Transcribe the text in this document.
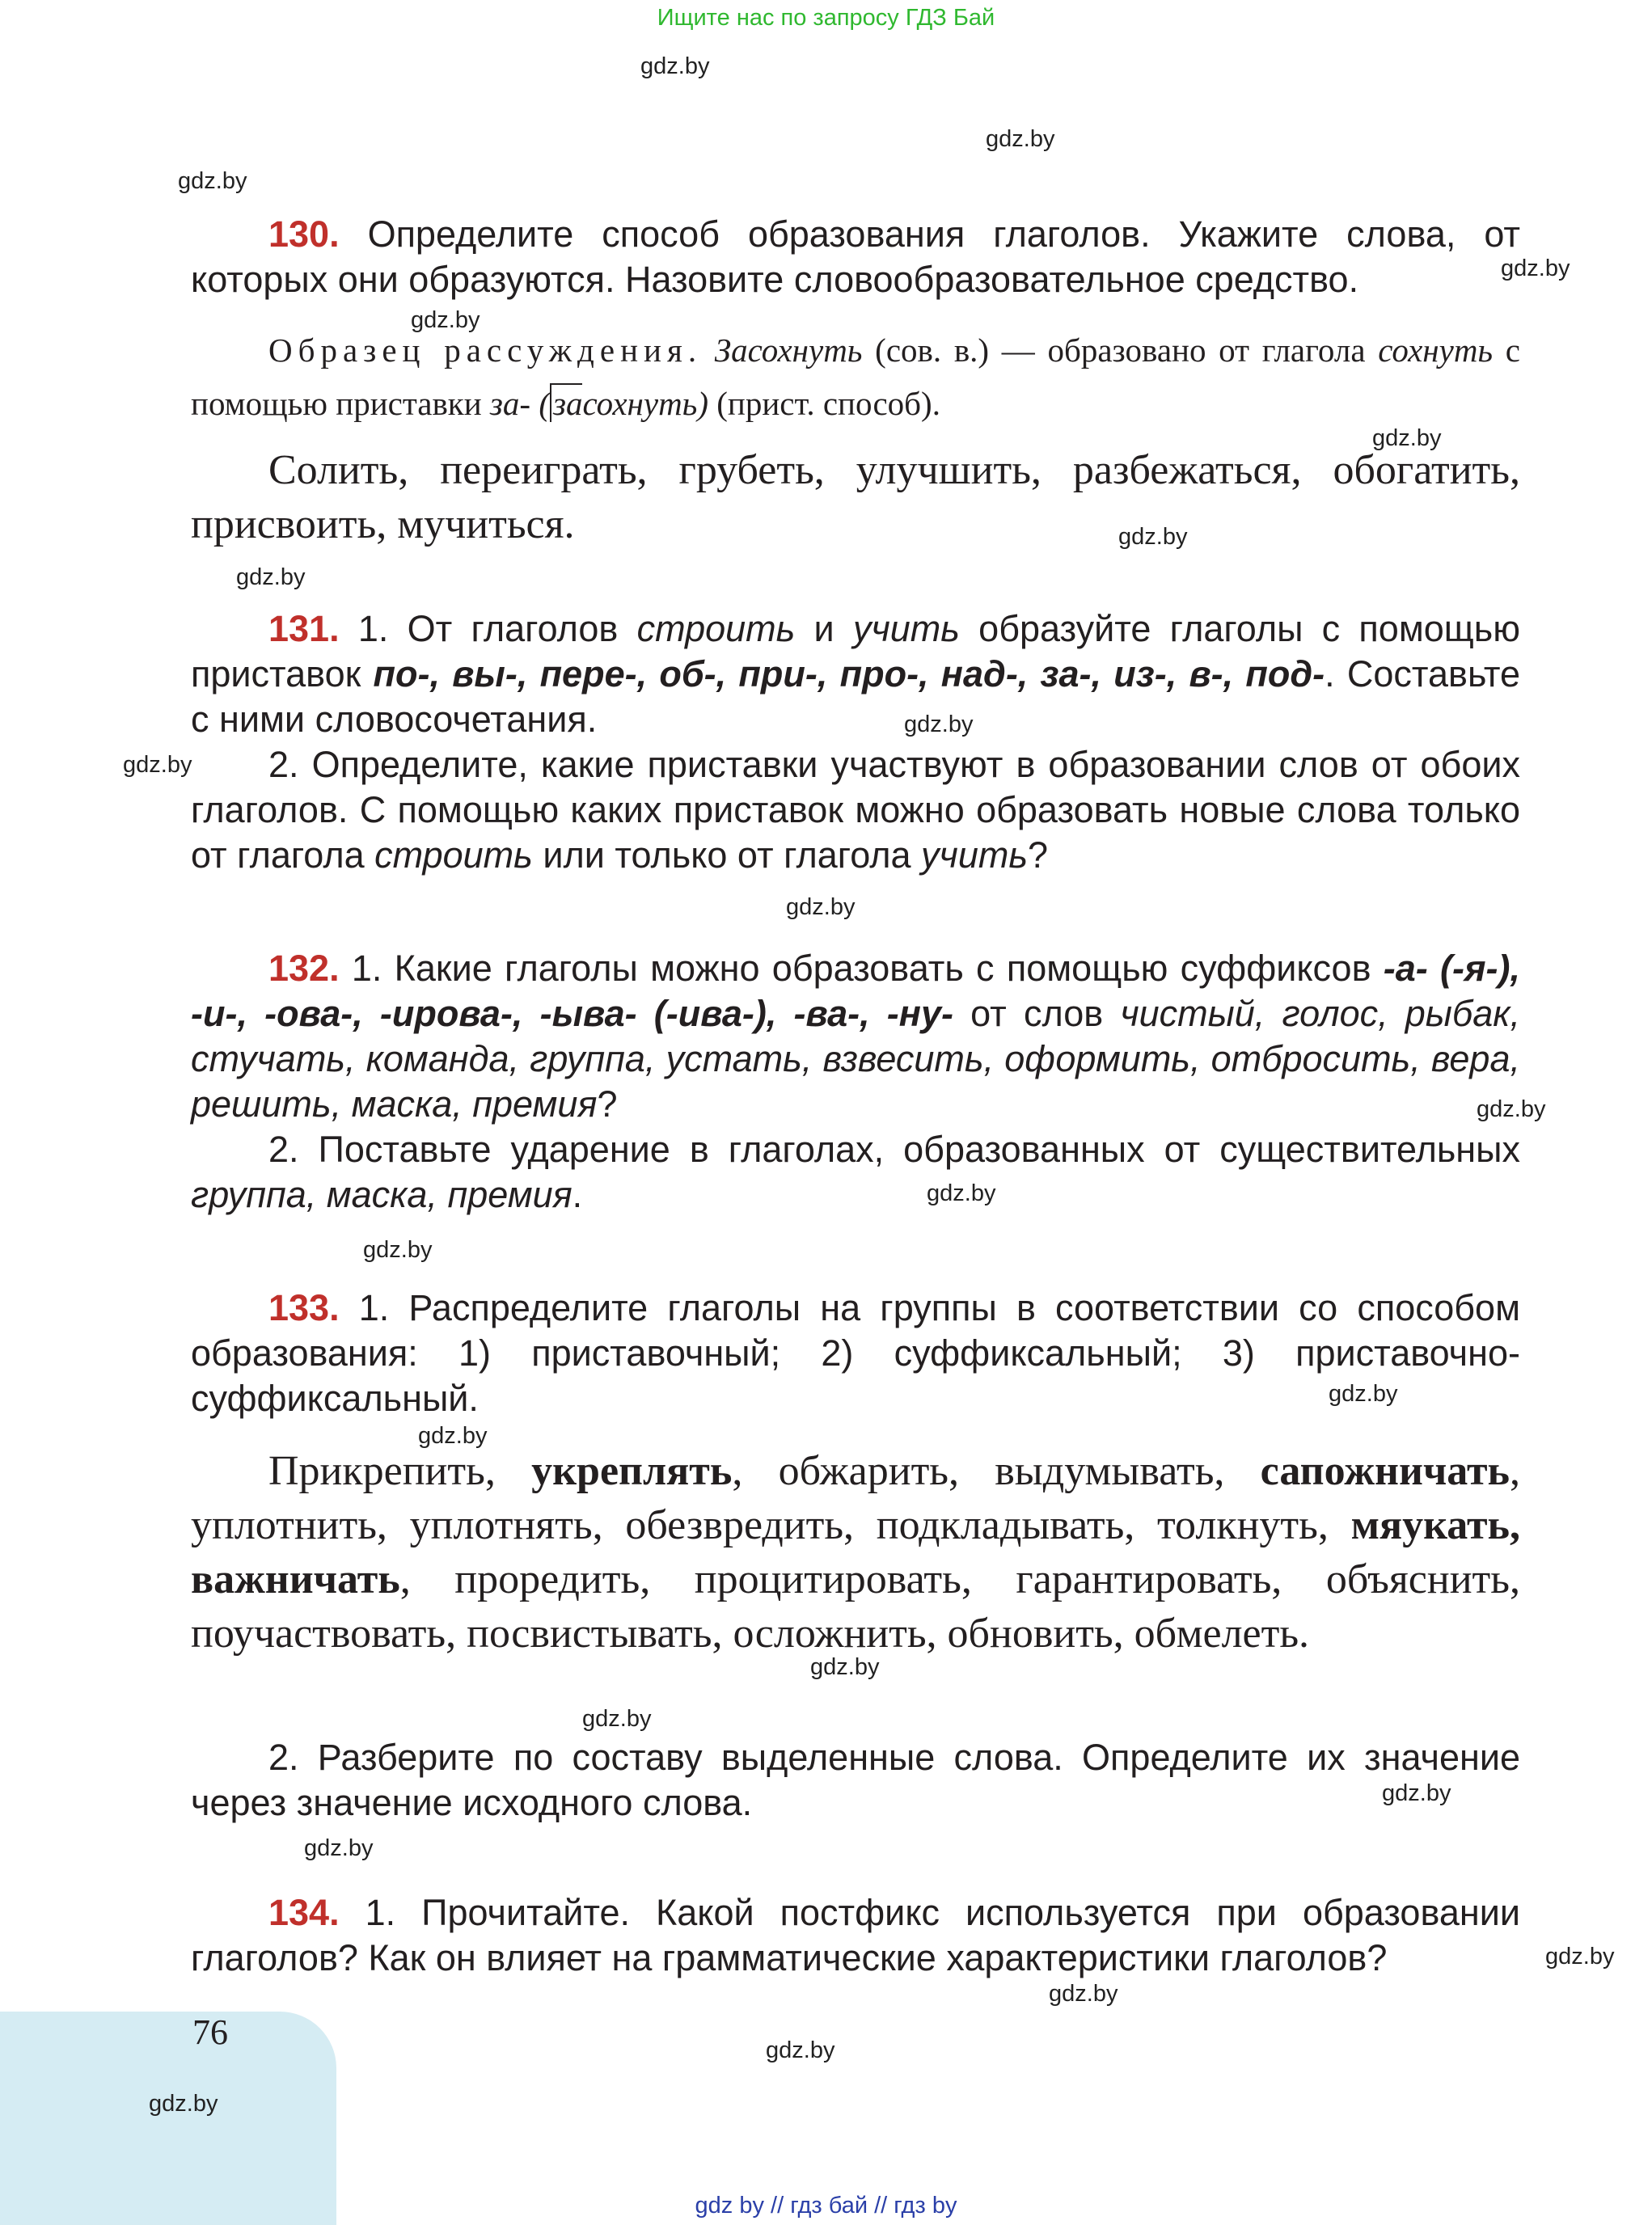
Ищите нас по запросу ГДЗ Бай
gdz.by
gdz.by
gdz.by
gdz.by
gdz.by
gdz.by
gdz.by
gdz.by
gdz.by
gdz.by
gdz.by
gdz.by
gdz.by
gdz.by
gdz.by
gdz.by
gdz.by
gdz.by
gdz.by
gdz.by
gdz.by
gdz.by
gdz.by

130. Определите способ образования глаголов. Укажите слова, от которых они образуются. Назовите словообразовательное средство.

Образец рассуждения. Засохнуть (сов. в.) — образовано от глагола сохнуть с помощью приставки за- (засохнуть) (прист. способ).
Солить, переиграть, грубеть, улучшить, разбежаться, обогатить, присвоить, мучиться.

131. 1. От глаголов строить и учить образуйте глаголы с помощью приставок по-, вы-, пере-, об-, при-, про-, над-, за-, из-, в-, под-. Составьте с ними словосочетания.

2. Определите, какие приставки участвуют в образовании слов от обоих глаголов. С помощью каких приставок можно образовать новые слова только от глагола строить или только от глагола учить?

132. 1. Какие глаголы можно образовать с помощью суффиксов -а- (-я-), -и-, -ова-, -ирова-, -ыва- (-ива-), -ва-, -ну- от слов чистый, голос, рыбак, стучать, команда, группа, устать, взвесить, оформить, отбросить, вера, решить, маска, премия?

2. Поставьте ударение в глаголах, образованных от существительных группа, маска, премия.

133. 1. Распределите глаголы на группы в соответствии со способом образования: 1) приставочный; 2) суффиксальный; 3) приставочно-суффиксальный.

Прикрепить, укреплять, обжарить, выдумывать, сапожничать, уплотнить, уплотнять, обезвредить, подкладывать, толкнуть, мяукать, важничать, проредить, процитировать, гарантировать, объяснить, поучаствовать, посвистывать, осложнить, обновить, обмелеть.

2. Разберите по составу выделенные слова. Определите их значение через значение исходного слова.

134. 1. Прочитайте. Какой постфикс используется при образовании глаголов? Как он влияет на грамматические характеристики глаголов?

76
gdz.by
gdz by // гдз бай // гдз by
